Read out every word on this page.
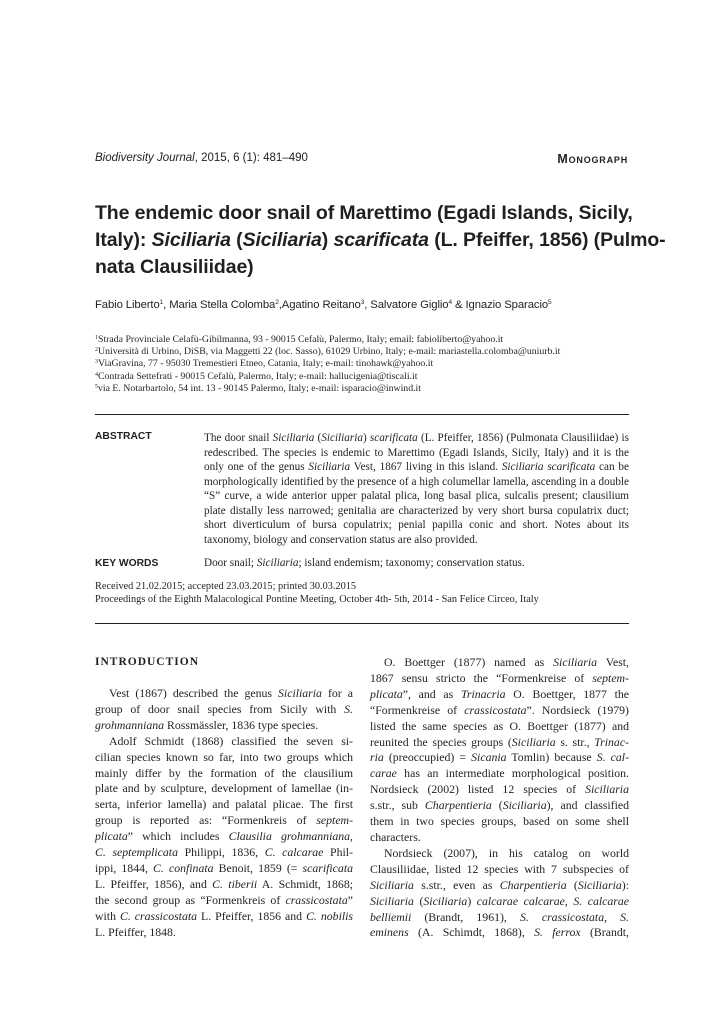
Biodiversity Journal, 2015, 6 (1): 481–490	Monograph
The endemic door snail of Marettimo (Egadi Islands, Sicily,
Italy): Siciliaria (Siciliaria) scarificata (L. Pfeiffer, 1856) (Pulmo-
nata Clausiliidae)
Fabio Liberto$^1$, Maria Stella Colomba$^2$,Agatino Reitano$^3$, Salvatore Giglio$^4$ & Ignazio Sparacio$^5$
$^1$Strada Provinciale Celafù-Gibilmanna, 93 - 90015 Cefalù, Palermo, Italy; email: fabioliberto@yahoo.it
$^2$Università di Urbino, DiSB, via Maggetti 22 (loc. Sasso), 61029 Urbino, Italy; e-mail: mariastella.colomba@uniurb.it
$^3$ViaGravina, 77 - 95030 Tremestieri Etneo, Catania, Italy; e-mail: tinohawk@yahoo.it
$^4$Contrada Settefrati - 90015 Cefalù, Palermo, Italy; e-mail: hallucigenia@tiscali.it
$^5$via E. Notarbartolo, 54 int. 13 - 90145 Palermo, Italy; e-mail: isparacio@inwind.it
ABSTRACT	The door snail Siciliaria (Siciliaria) scarificata (L. Pfeiffer, 1856) (Pulmonata Clausiliidae) is redescribed. The species is endemic to Marettimo (Egadi Islands, Sicily, Italy) and it is the only one of the genus Siciliaria Vest, 1867 living in this island. Siciliaria scarificata can be morphologically identified by the presence of a high columellar lamella, ascending in a double “S” curve, a wide anterior upper palatal plica, long basal plica, sulcalis present; clausilium plate distally less narrowed; genitalia are characterized by very short bursa copulatrix duct; short diverticulum of bursa copulatrix; penial papilla conic and short. Notes about its taxonomy, biology and conservation status are also provided.
KEY WORDS	Door snail; Siciliaria; island endemism; taxonomy; conservation status.
Received 21.02.2015; accepted 23.03.2015; printed 30.03.2015
Proceedings of the Eighth Malacological Pontine Meeting, October 4th- 5th, 2014 - San Felice Circeo, Italy
INTRODUCTION
Vest (1867) described the genus Siciliaria for a
group of door snail species from Sicily with S.
grohmanniana Rossmässler, 1836 type species.
Adolf Schmidt (1868) classified the seven si-
cilian species known so far, into two groups which
mainly differ by the formation of the clausilium
plate and by sculpture, development of lamellae (in-
serta, inferior lamella) and palatal plicae. The first
group is reported as: “Formenkreis of septem-
plicata” which includes Clausilia grohmanniana,
C. septemplicata Philippi, 1836, C. calcarae Phil-
ippi, 1844, C. confinata Benoit, 1859 (= scarificata
L. Pfeiffer, 1856), and C. tiberii A. Schmidt, 1868;
the second group as “Formenkreis of crassicostata”
with C. crassicostata L. Pfeiffer, 1856 and C. nobilis
L. Pfeiffer, 1848.
O. Boettger (1877) named as Siciliaria Vest,
1867 sensu stricto the “Formenkreise of septem-
plicata”, and as Trinacria O. Boettger, 1877 the
“Formenkreise of crassicostata”. Nordsieck (1979)
listed the same species as O. Boettger (1877) and
reunited the species groups (Siciliaria s. str., Trinac-
ria (preoccupied) = Sicania Tomlin) because S. cal-
carae has an intermediate morphological position.
Nordsieck (2002) listed 12 species of Siciliaria
s.str., sub Charpentieria (Siciliaria), and classified
them in two species groups, based on some shell
characters.
Nordsieck (2007), in his catalog on world
Clausiliidae, listed 12 species with 7 subspecies of
Siciliaria s.str., even as Charpentieria (Siciliaria):
Siciliaria (Siciliaria) calcarae calcarae, S. calcarae
belliemii (Brandt, 1961), S. crassicostata, S.
eminens (A. Schimdt, 1868), S. ferrox (Brandt,
